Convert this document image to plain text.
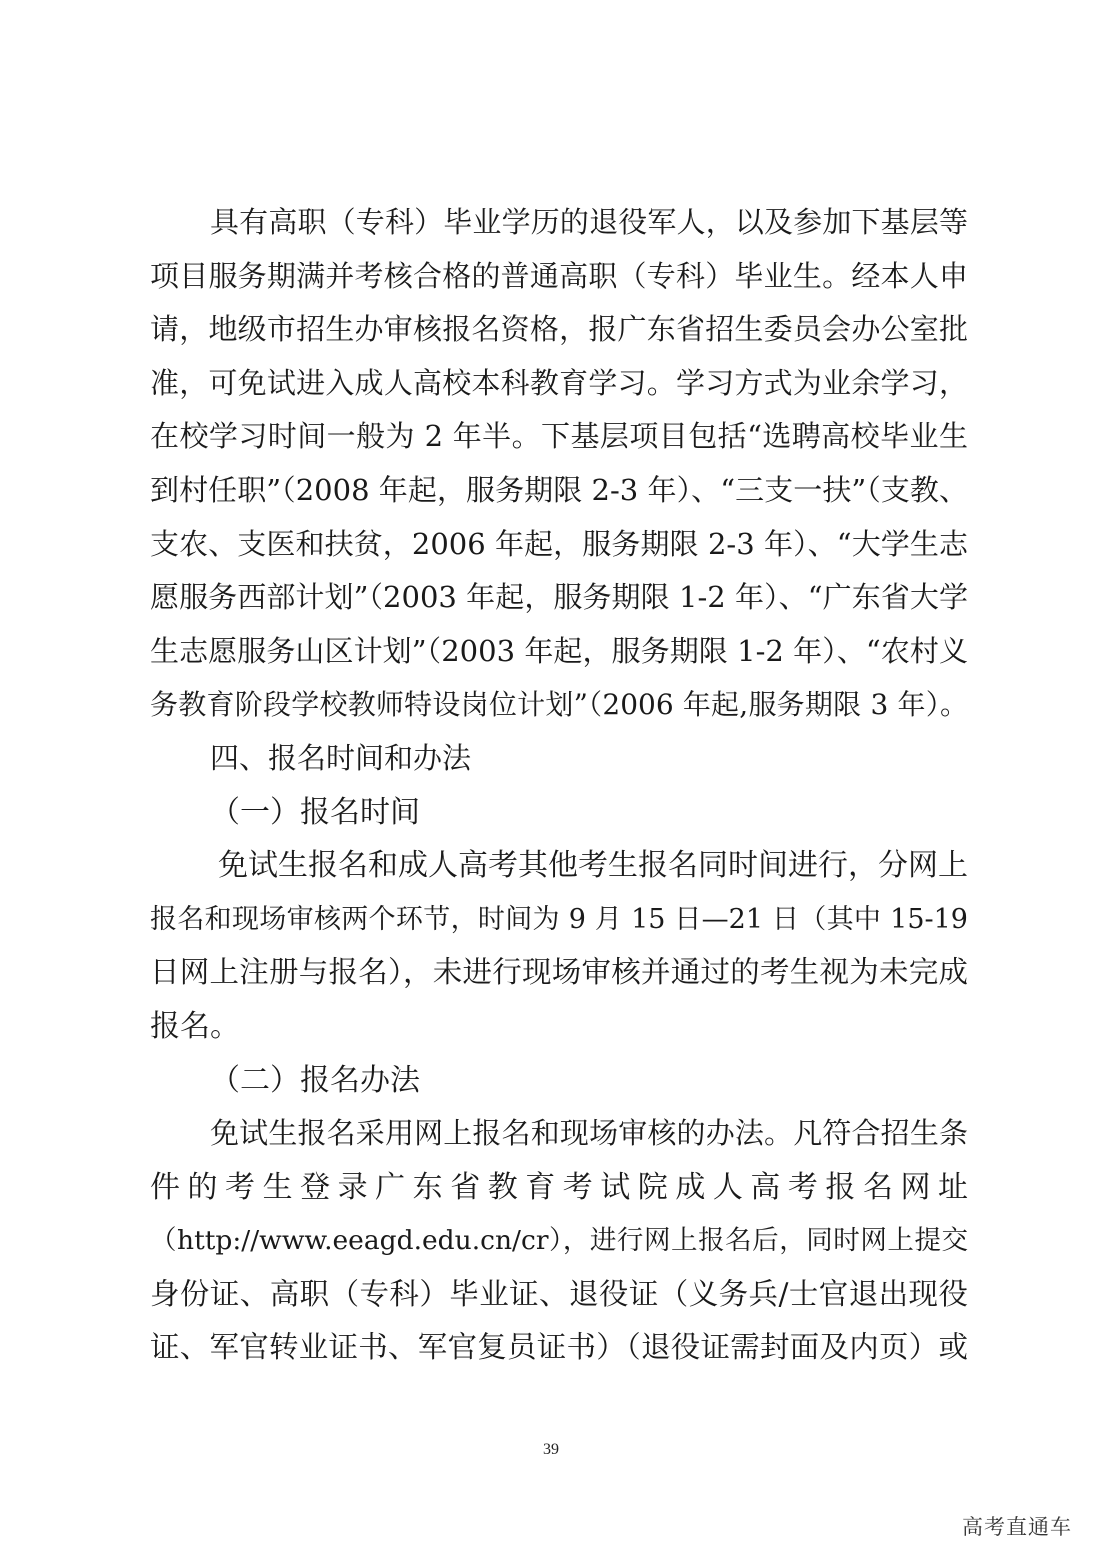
具有高职（专科）毕业学历的退役军人，以及参加下基层等
项目服务期满并考核合格的普通高职（专科）毕业生。经本人申
请，地级市招生办审核报名资格，报广东省招生委员会办公室批
准，可免试进入成人高校本科教育学习。学习方式为业余学习，
在校学习时间一般为 2 年半。下基层项目包括“选聘高校毕业生
到村任职”（2008 年起，服务期限 2-3 年）、“三支一扶”（支教、
支农、支医和扶贫，2006 年起，服务期限 2-3 年）、“大学生志
愿服务西部计划”（2003 年起，服务期限 1-2 年）、“广东省大学
生志愿服务山区计划”（2003 年起，服务期限 1-2 年）、“农村义
务教育阶段学校教师特设岗位计划”（2006 年起,服务期限 3 年）。
四、报名时间和办法
（一）报名时间
免试生报名和成人高考其他考生报名同时间进行，分网上
报名和现场审核两个环节，时间为 9 月 15 日—21 日（其中 15-19
日网上注册与报名），未进行现场审核并通过的考生视为未完成
报名。
（二）报名办法
免试生报名采用网上报名和现场审核的办法。凡符合招生条
件的考生登录广东省教育考试院成人高考报名网址
（http://www.eeagd.edu.cn/cr），进行网上报名后，同时网上提交
身份证、高职（专科）毕业证、退役证（义务兵/士官退出现役
证、军官转业证书、军官复员证书）（退役证需封面及内页）或
39
高考直通车
